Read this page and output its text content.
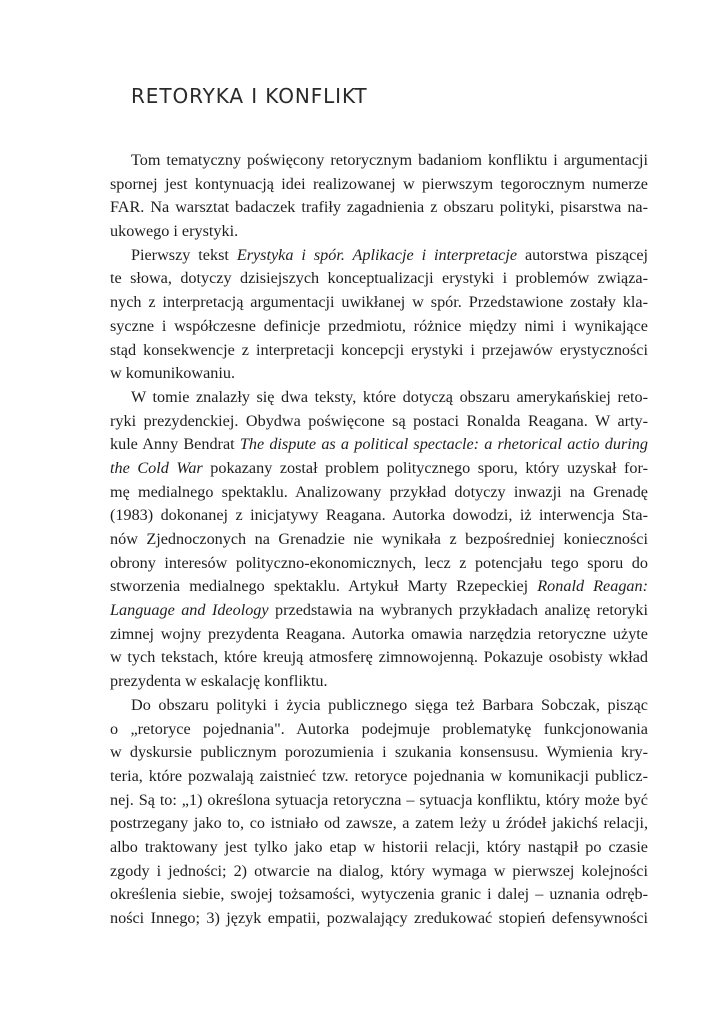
RETORYKA I KONFLIKT
Tom tematyczny poświęcony retorycznym badaniom konfliktu i argumentacji
spornej jest kontynuacją idei realizowanej w pierwszym tegorocznym numerze
FAR. Na warsztat badaczek trafiły zagadnienia z obszaru polityki, pisarstwa na-
ukowego i erystyki.
Pierwszy tekst Erystyka i spór. Aplikacje i interpretacje autorstwa piszącej
te słowa, dotyczy dzisiejszych konceptualizacji erystyki i problemów związa-
nych z interpretacją argumentacji uwikłanej w spór. Przedstawione zostały kla-
syczne i współczesne definicje przedmiotu, różnice między nimi i wynikające
stąd konsekwencje z interpretacji koncepcji erystyki i przejawów erystyczności
w komunikowaniu.
W tomie znalazły się dwa teksty, które dotyczą obszaru amerykańskiej reto-
ryki prezydenckiej. Obydwa poświęcone są postaci Ronalda Reagana. W arty-
kule Anny Bendrat The dispute as a political spectacle: a rhetorical actio during
the Cold War pokazany został problem politycznego sporu, który uzyskał for-
mę medialnego spektaklu. Analizowany przykład dotyczy inwazji na Grenadę
(1983) dokonanej z inicjatywy Reagana. Autorka dowodzi, iż interwencja Sta-
nów Zjednoczonych na Grenadzie nie wynikała z bezpośredniej konieczności
obrony interesów polityczno-ekonomicznych, lecz z potencjału tego sporu do
stworzenia medialnego spektaklu. Artykuł Marty Rzepeckiej Ronald Reagan:
Language and Ideology przedstawia na wybranych przykładach analizę retoryki
zimnej wojny prezydenta Reagana. Autorka omawia narzędzia retoryczne użyte
w tych tekstach, które kreują atmosferę zimnowojenną. Pokazuje osobisty wkład
prezydenta w eskalację konfliktu.
Do obszaru polityki i życia publicznego sięga też Barbara Sobczak, pisząc
o „retoryce pojednania". Autorka podejmuje problematykę funkcjonowania
w dyskursie publicznym porozumienia i szukania konsensusu. Wymienia kry-
teria, które pozwalają zaistnieć tzw. retoryce pojednania w komunikacji publicz-
nej. Są to: „1) określona sytuacja retoryczna – sytuacja konfliktu, który może być
postrzegany jako to, co istniało od zawsze, a zatem leży u źródeł jakichś relacji,
albo traktowany jest tylko jako etap w historii relacji, który nastąpił po czasie
zgody i jedności; 2) otwarcie na dialog, który wymaga w pierwszej kolejności
określenia siebie, swojej tożsamości, wytyczenia granic i dalej – uznania odręb-
ności Innego; 3) język empatii, pozwalający zredukować stopień defensywności
